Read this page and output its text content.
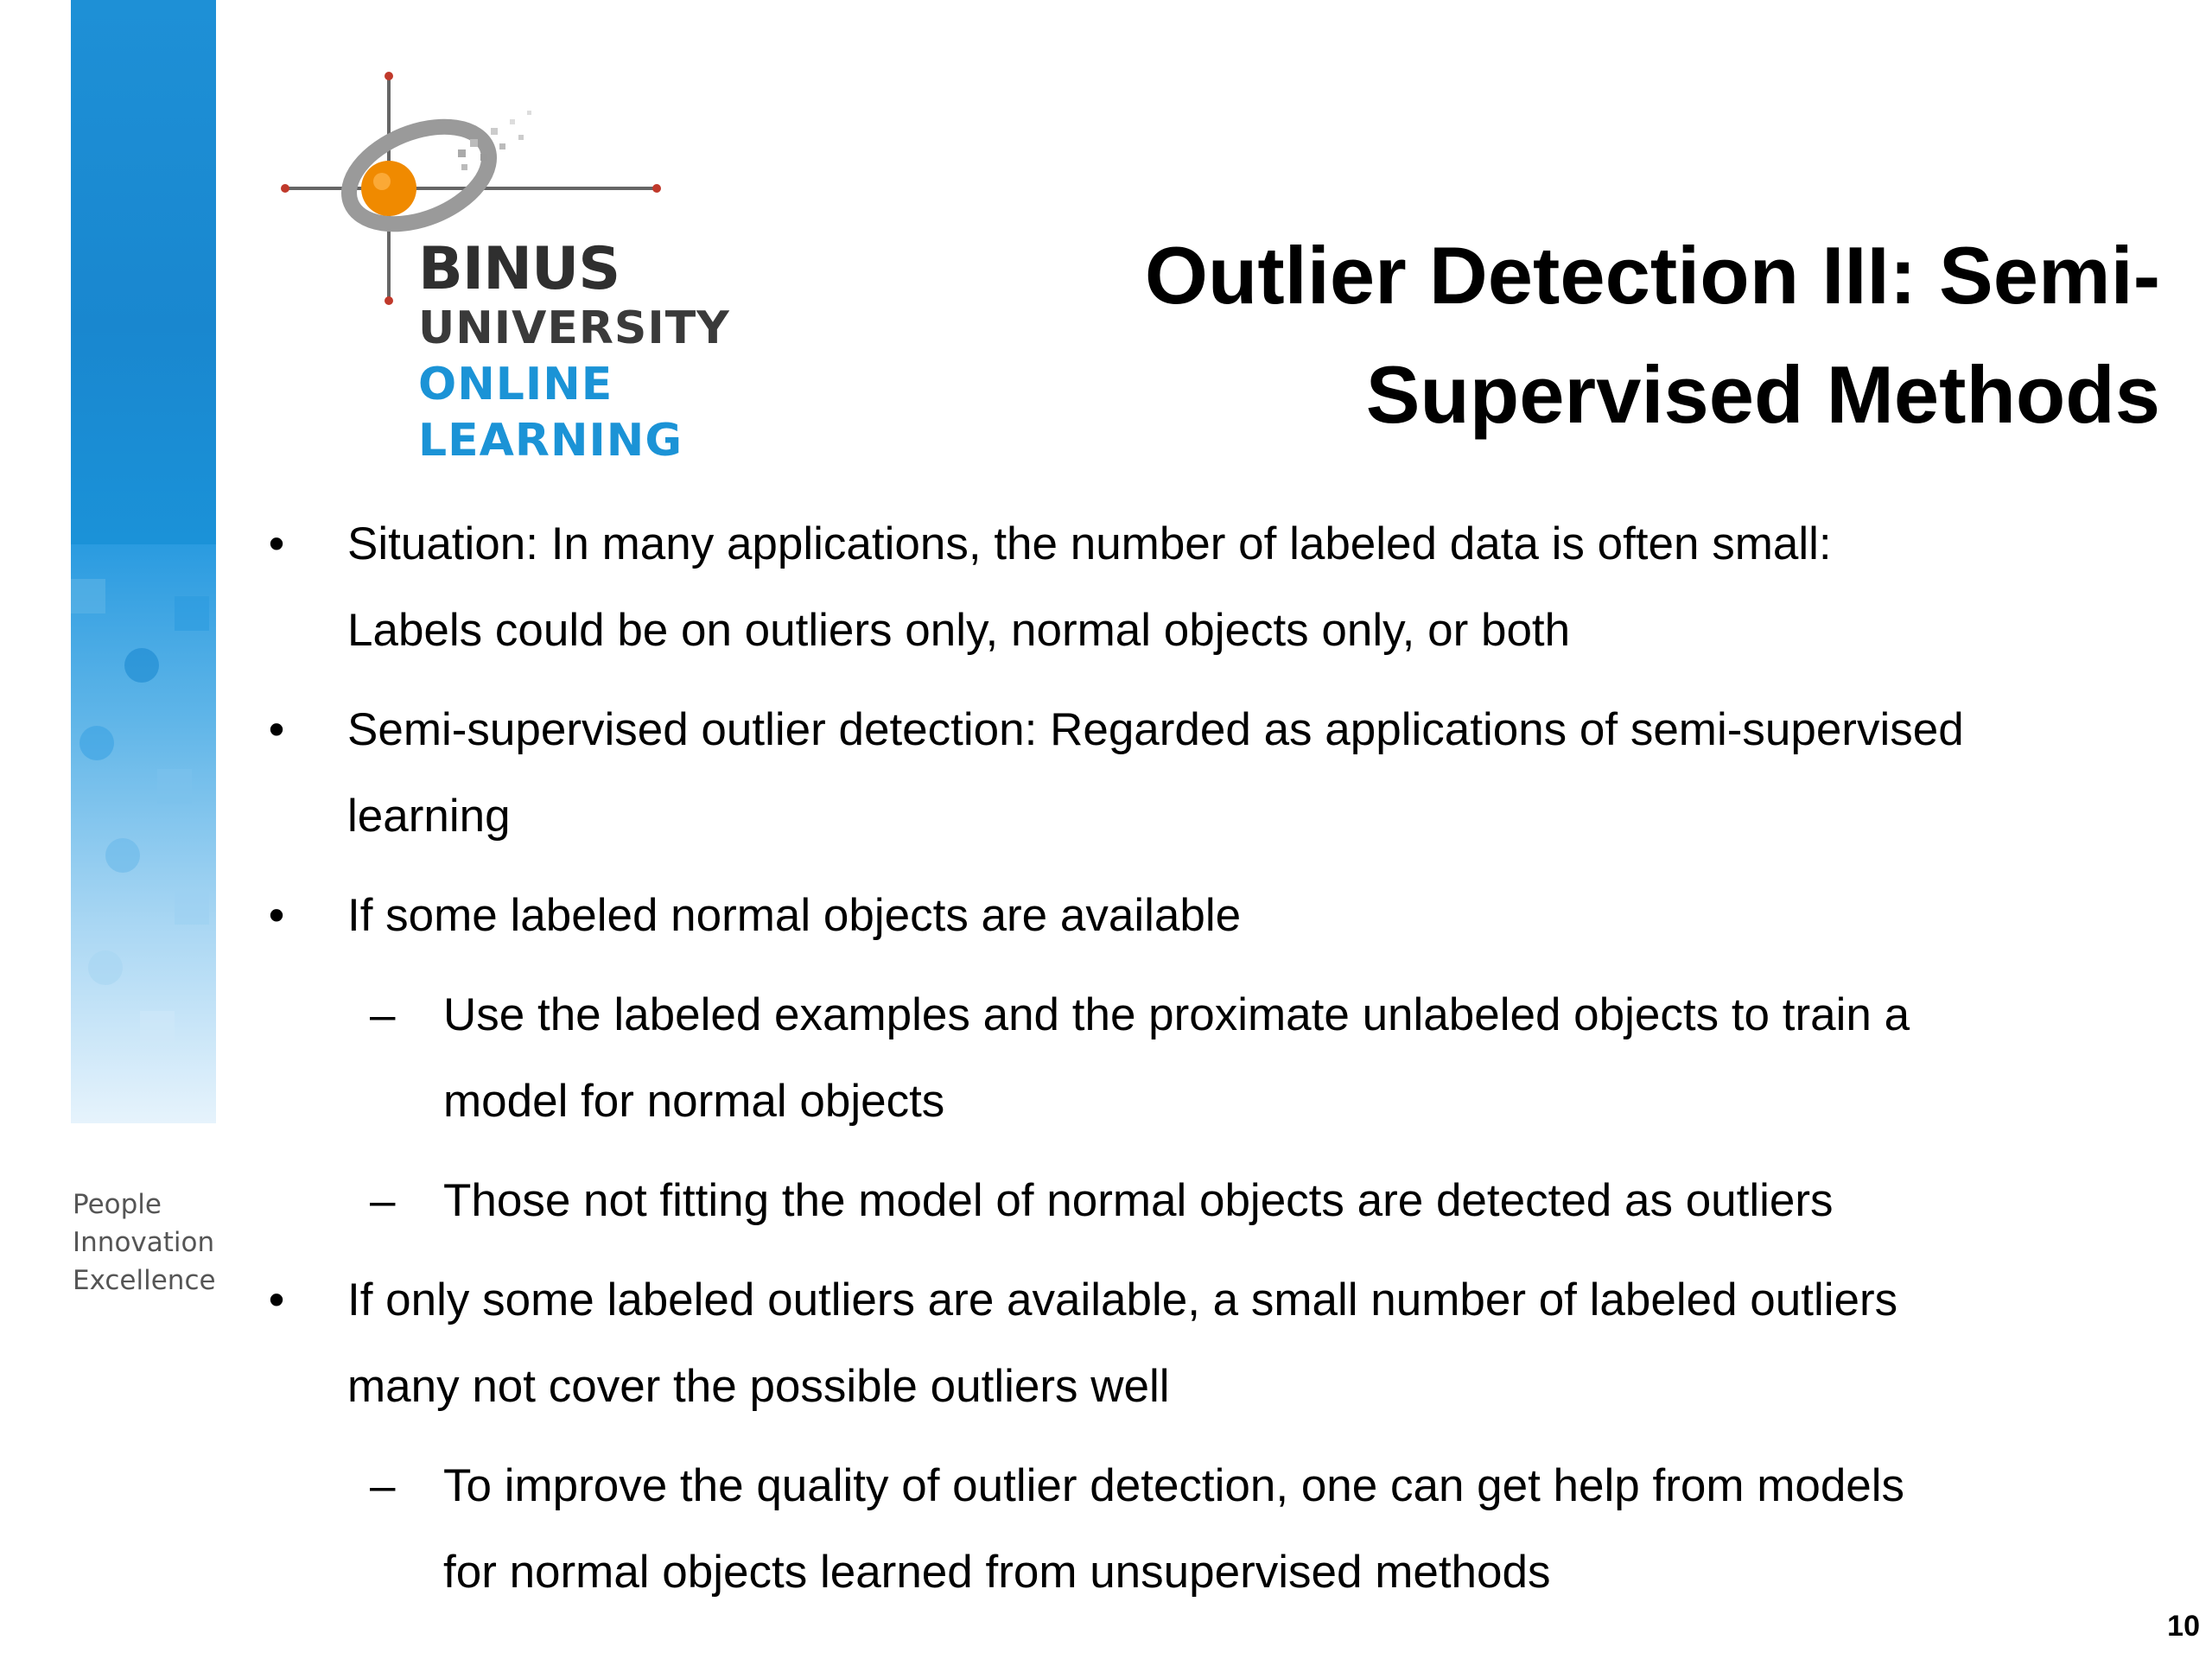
People
Innovation
Excellence
BINUS
UNIVERSITY
ONLINE
LEARNING
Outlier Detection III: Semi-
Supervised Methods
• Situation: In many applications, the number of labeled data is often small:
Labels could be on outliers only, normal objects only, or both
• Semi-supervised outlier detection: Regarded as applications of semi-supervised
learning
• If some labeled normal objects are available
– Use the labeled examples and the proximate unlabeled objects to train a
model for normal objects
– Those not fitting the model of normal objects are detected as outliers
• If only some labeled outliers are available, a small number of labeled outliers
many not cover the possible outliers well
– To improve the quality of outlier detection, one can get help from models
for normal objects learned from unsupervised methods
10
